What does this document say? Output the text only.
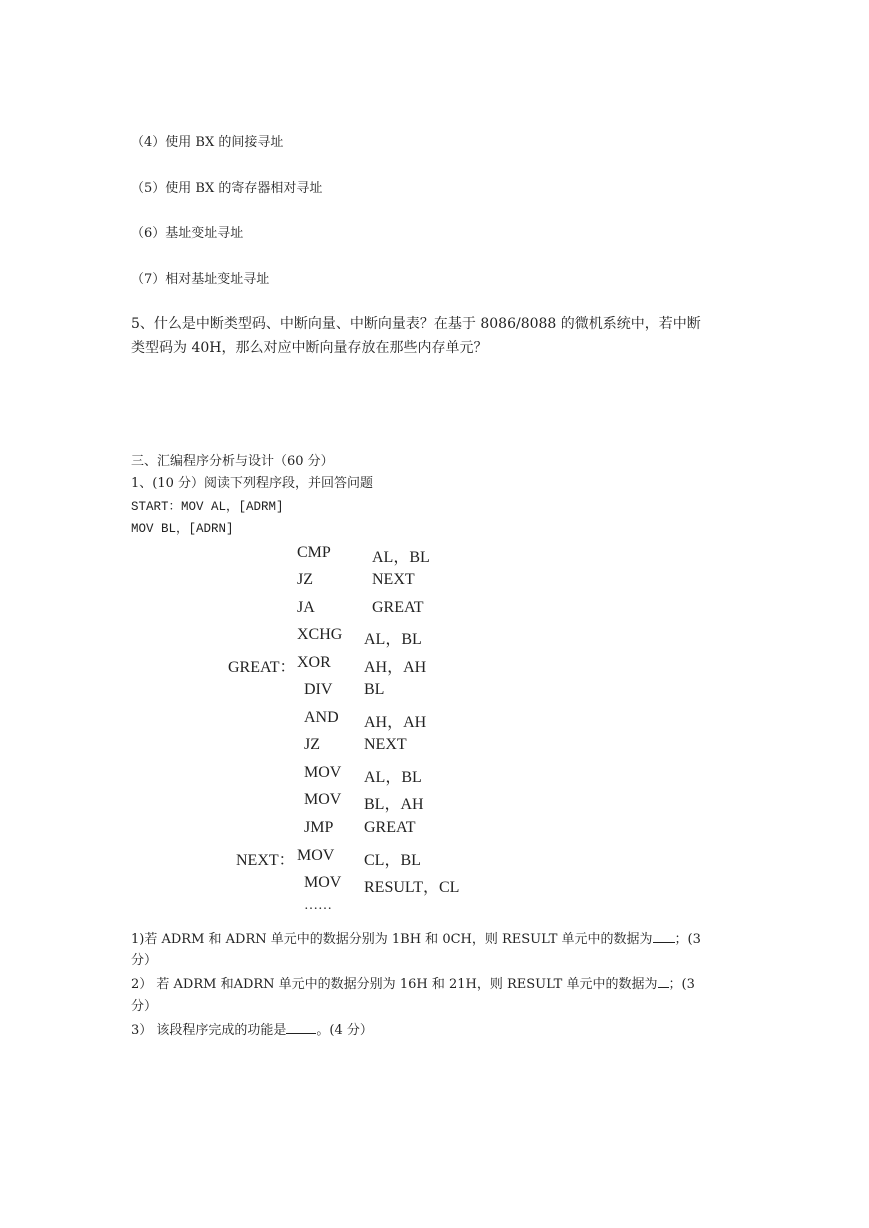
（4）使用 BX 的间接寻址
（5）使用 BX 的寄存器相对寻址
（6）基址变址寻址
（7）相对基址变址寻址
5、什么是中断类型码、中断向量、中断向量表？在基于 8086/8088 的微机系统中，若中断
类型码为 40H，那么对应中断向量存放在那些内存单元？
三、汇编程序分析与设计（60 分）
1、(10 分）阅读下列程序段，并回答问题
START：MOV AL，[ADRM]
MOV BL，[ADRN]
CMP	AL，BL
JZ	NEXT
JA	GREAT
XCHG AL，BL
GREAT： XOR AH，AH
DIV BL
AND AH，AH
JZ	NEXT
MOV AL，BL
MOV BL，AH
JMP GREAT
NEXT： MOV CL，BL
MOV RESULT，CL
……
1)若 ADRM 和 ADRN 单元中的数据分别为 1BH 和 0CH，则 RESULT 单元中的数据为 ；(3
分）
2） 若 ADRM 和ADRN 单元中的数据分别为 16H 和 21H，则 RESULT 单元中的数据为 ；(3
分）
3） 该段程序完成的功能是 。(4 分）
